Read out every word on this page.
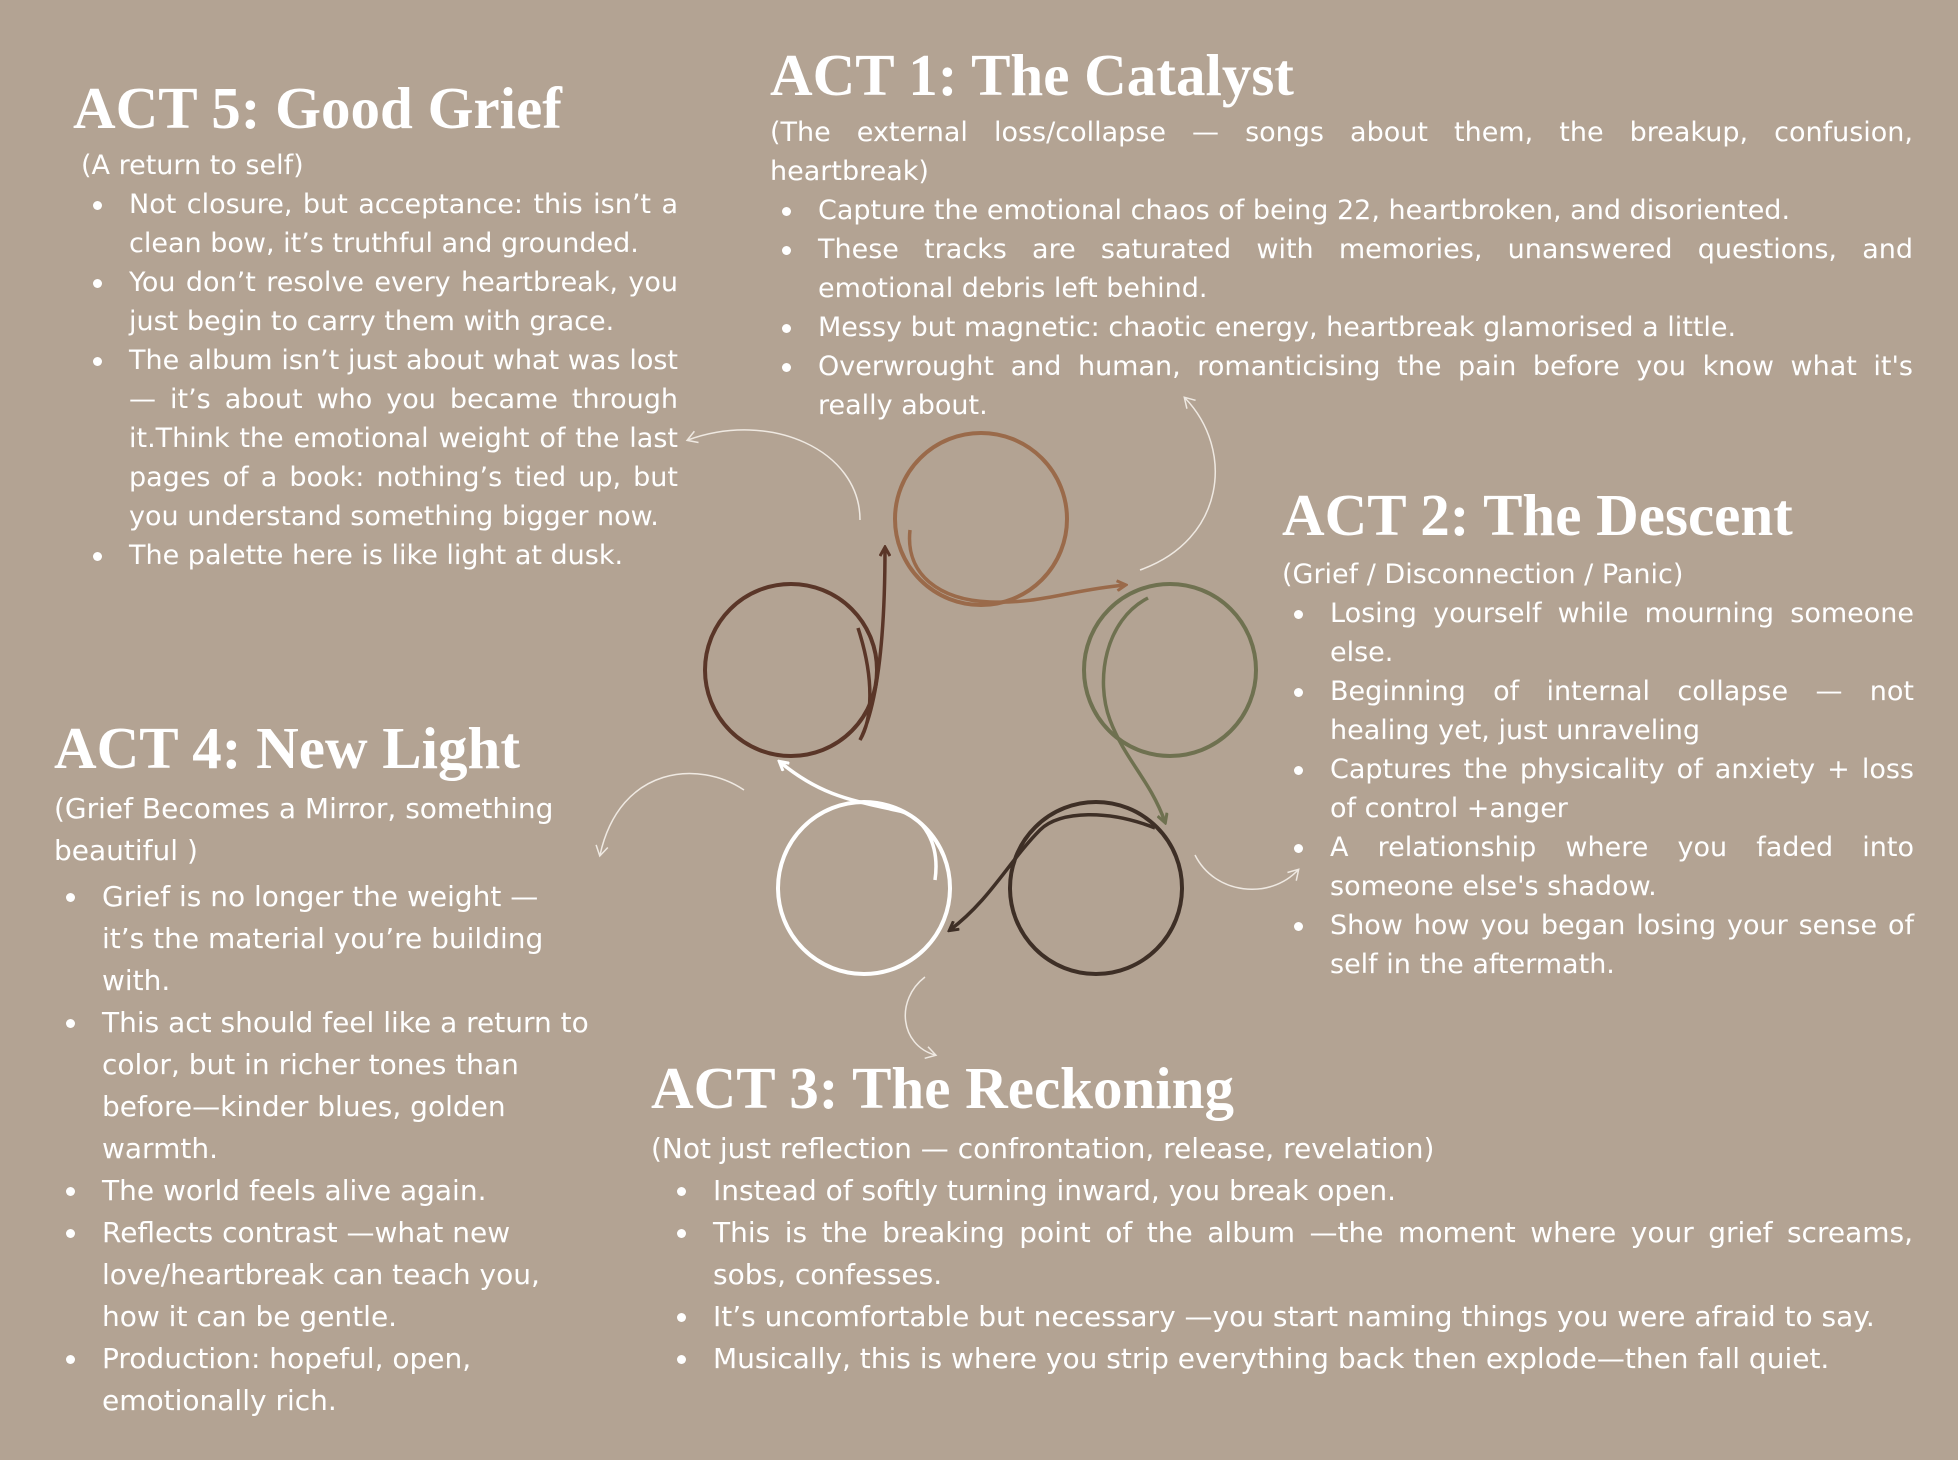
ACT 5: Good Grief

(A return to self)

Not closure, but acceptance: this isn’t a clean bow, it’s truthful and grounded.
You don’t resolve every heartbreak, you just begin to carry them with grace.
The album isn’t just about what was lost — it’s about who you became through it.Think the emotional weight of the last pages of a book: nothing’s tied up, but you understand something bigger now.
The palette here is like light at dusk.
ACT 1: The Catalyst

(The external loss/collapse — songs about them, the breakup, confusion, heartbreak)

Capture the emotional chaos of being 22, heartbroken, and disoriented.
These tracks are saturated with memories, unanswered questions, and emotional debris left behind.
Messy but magnetic: chaotic energy, heartbreak glamorised a little.
Overwrought and human, romanticising the pain before you know what it's really about.
ACT 2: The Descent

(Grief / Disconnection / Panic)

Losing yourself while mourning someone else.
Beginning of internal collapse — not healing yet, just unraveling
Captures the physicality of anxiety + loss of control +anger
A relationship where you faded into someone else's shadow.
Show how you began losing your sense of self in the aftermath.
ACT 4: New Light

(Grief Becomes a Mirror, something beautiful )

Grief is no longer the weight — it’s the material you’re building with.
This act should feel like a return to color, but in richer tones than before—kinder blues, golden warmth.
The world feels alive again.
Reflects contrast —what new love/heartbreak can teach you, how it can be gentle.
Production: hopeful, open, emotionally rich.
ACT 3: The Reckoning

(Not just reflection — confrontation, release, revelation)

Instead of softly turning inward, you break open.
This is the breaking point of the album —the moment where your grief screams, sobs, confesses.
It’s uncomfortable but necessary —you start naming things you were afraid to say.
Musically, this is where you strip everything back then explode—then fall quiet.
